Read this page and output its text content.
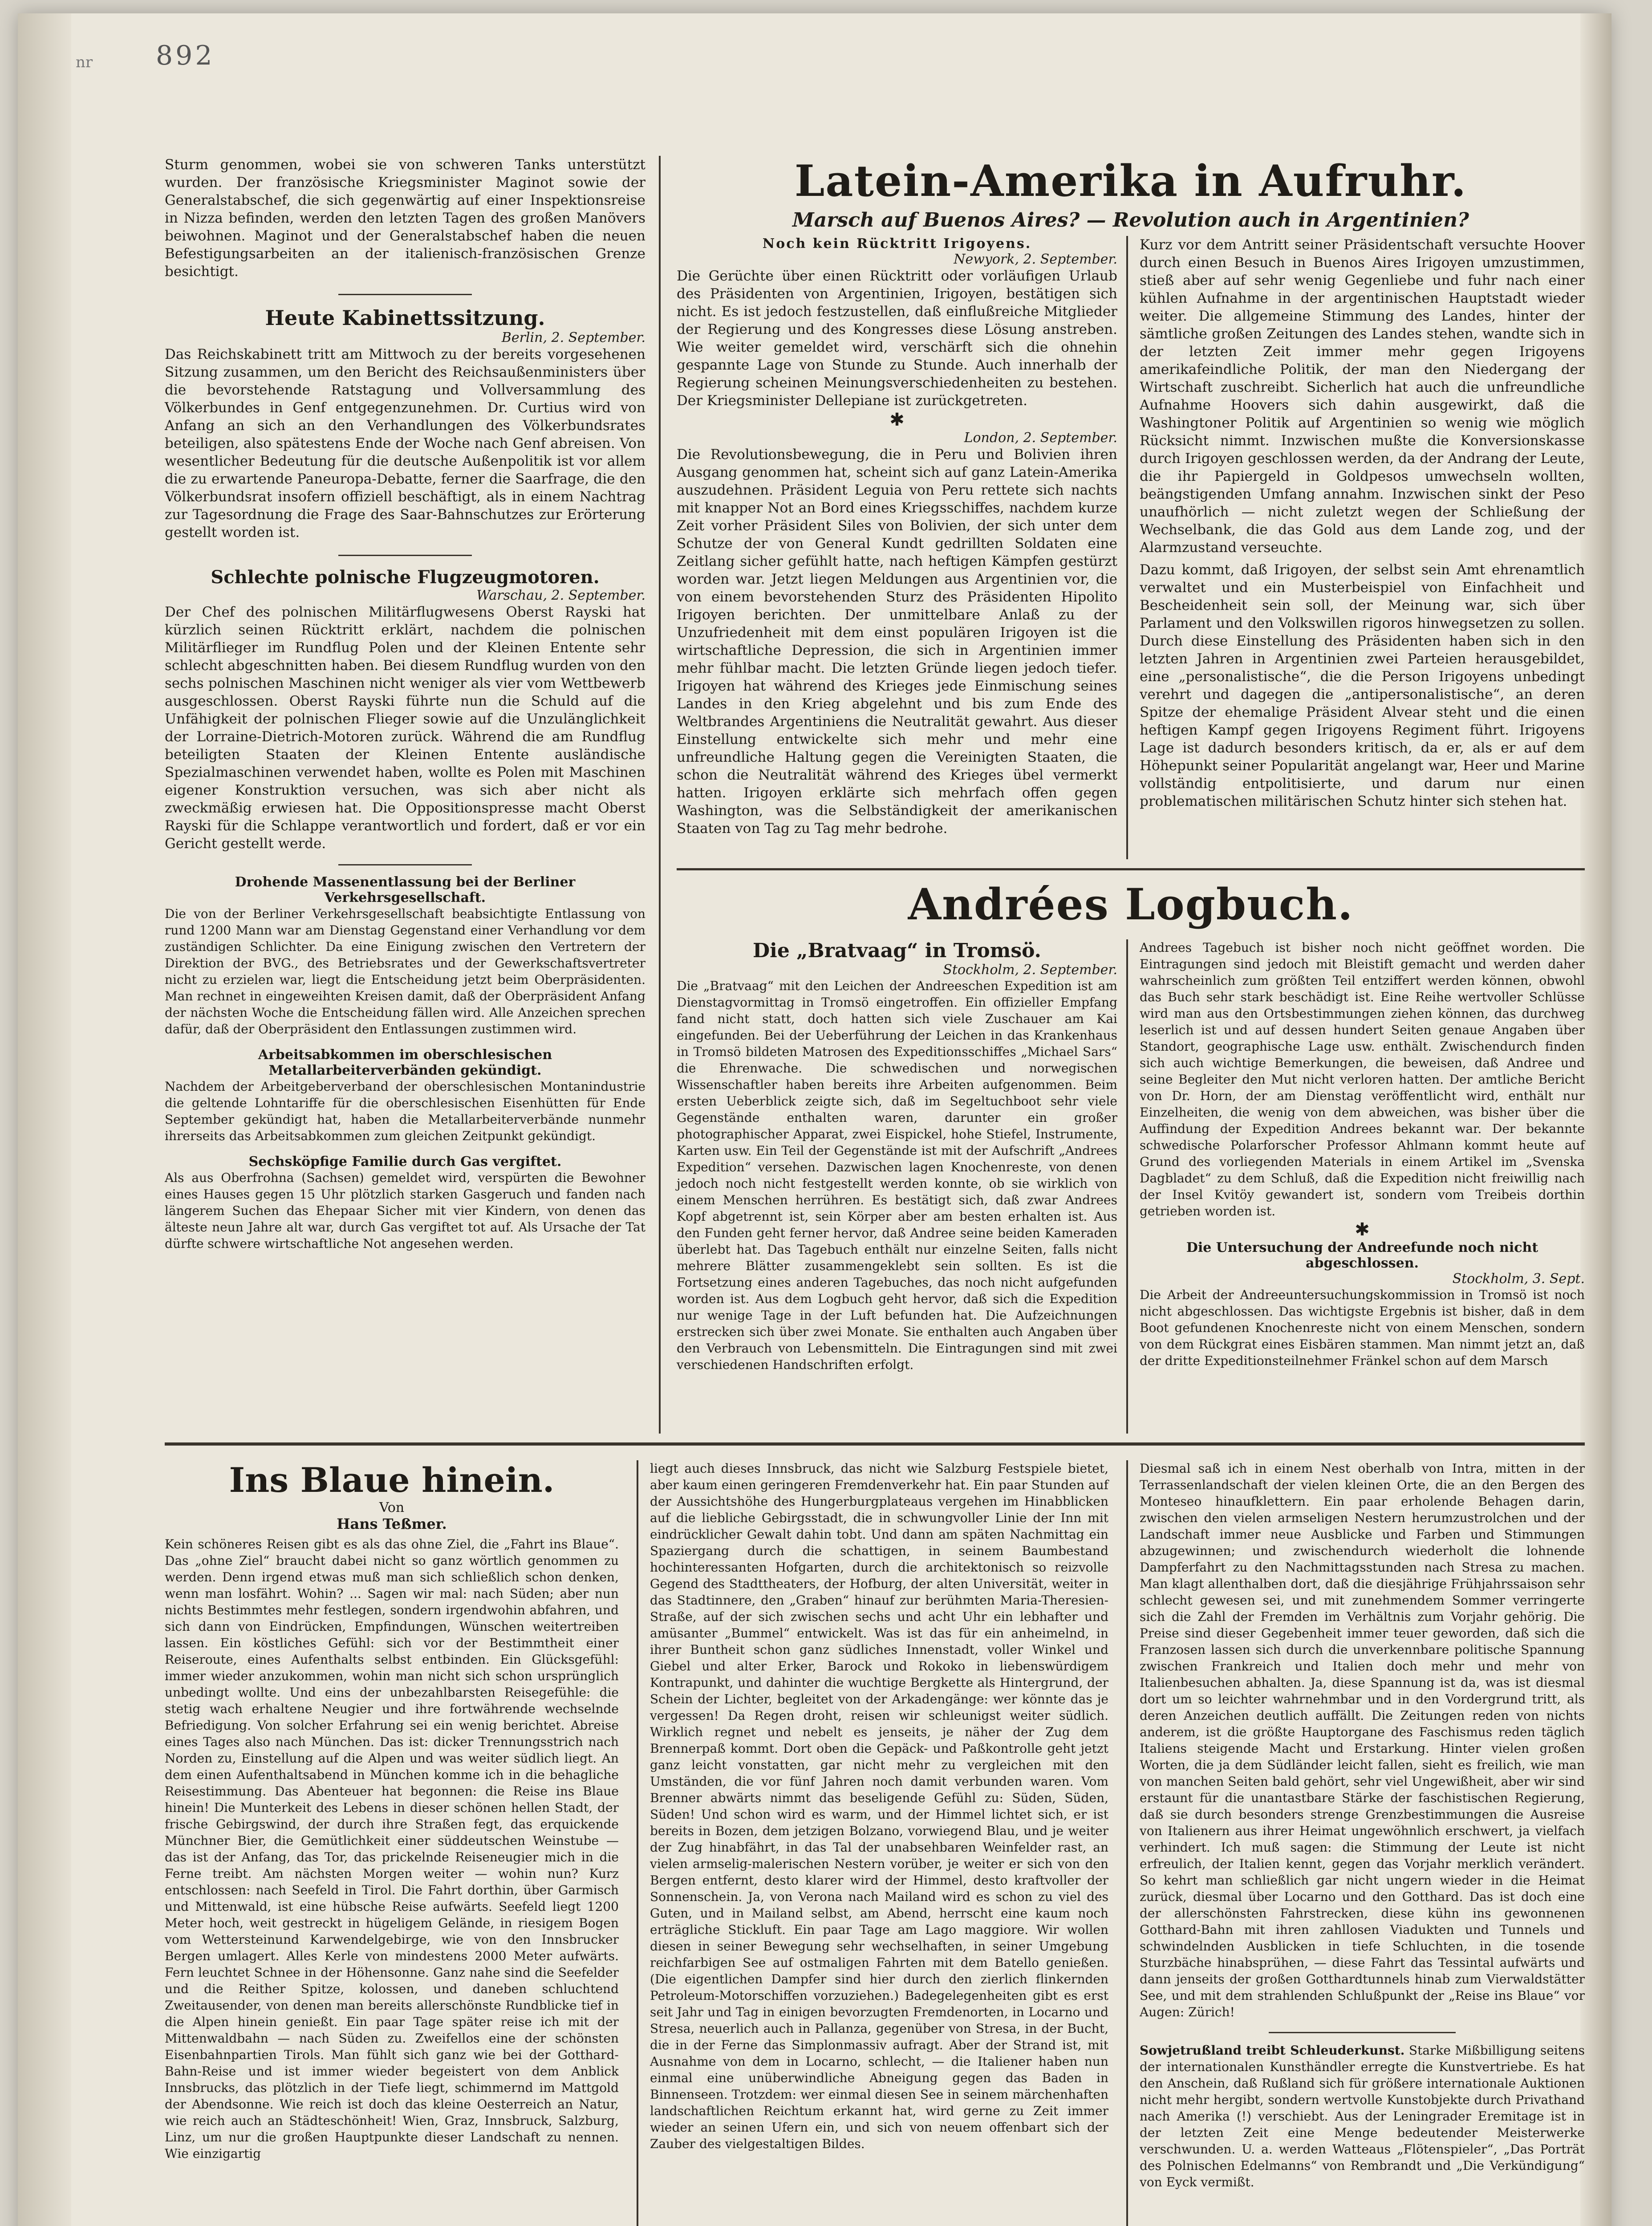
892
nr
Sturm genommen, wobei sie von schweren Tanks unterstützt wurden. Der französische Kriegsminister Maginot sowie der Generalstabschef, die sich gegenwärtig auf einer Inspektionsreise in Nizza befinden, werden den letzten Tagen des großen Manövers beiwohnen. Maginot und der Generalstabschef haben die neuen Befestigungsarbeiten an der italienisch-französischen Grenze besichtigt.
Heute Kabinettssitzung.
Berlin, 2. September.
Das Reichskabinett tritt am Mittwoch zu der bereits vorgesehenen Sitzung zusammen, um den Bericht des Reichsaußenministers über die bevorstehende Ratstagung und Vollversammlung des Völkerbundes in Genf entgegenzunehmen. Dr. Curtius wird von Anfang an sich an den Verhandlungen des Völkerbundsrates beteiligen, also spätestens Ende der Woche nach Genf abreisen. Von wesentlicher Bedeutung für die deutsche Außenpolitik ist vor allem die zu erwartende Paneuropa-Debatte, ferner die Saarfrage, die den Völkerbundsrat insofern offiziell beschäftigt, als in einem Nachtrag zur Tagesordnung die Frage des Saar-Bahnschutzes zur Erörterung gestellt worden ist.
Schlechte polnische Flugzeugmotoren.
Warschau, 2. September.
Der Chef des polnischen Militärflugwesens Oberst Rayski hat kürzlich seinen Rücktritt erklärt, nachdem die polnischen Militärflieger im Rundflug Polen und der Kleinen Entente sehr schlecht abgeschnitten haben. Bei diesem Rundflug wurden von den sechs polnischen Maschinen nicht weniger als vier vom Wettbewerb ausgeschlossen. Oberst Rayski führte nun die Schuld auf die Unfähigkeit der polnischen Flieger sowie auf die Unzulänglichkeit der Lorraine-Dietrich-Motoren zurück. Während die am Rundflug beteiligten Staaten der Kleinen Entente ausländische Spezialmaschinen verwendet haben, wollte es Polen mit Maschinen eigener Konstruktion versuchen, was sich aber nicht als zweckmäßig erwiesen hat. Die Oppositionspresse macht Oberst Rayski für die Schlappe verantwortlich und fordert, daß er vor ein Gericht gestellt werde.
Drohende Massenentlassung bei der Berliner Verkehrsgesellschaft.
Die von der Berliner Verkehrsgesellschaft beabsichtigte Entlassung von rund 1200 Mann war am Dienstag Gegenstand einer Verhandlung vor dem zuständigen Schlichter. Da eine Einigung zwischen den Vertretern der Direktion der BVG., des Betriebsrates und der Gewerkschaftsvertreter nicht zu erzielen war, liegt die Entscheidung jetzt beim Oberpräsidenten. Man rechnet in eingeweihten Kreisen damit, daß der Oberpräsident Anfang der nächsten Woche die Entscheidung fällen wird. Alle Anzeichen sprechen dafür, daß der Oberpräsident den Entlassungen zustimmen wird.
Arbeitsabkommen im oberschlesischen Metallarbeiterverbänden gekündigt.
Nachdem der Arbeitgeberverband der oberschlesischen Montanindustrie die geltende Lohntariffe für die oberschlesischen Eisenhütten für Ende September gekündigt hat, haben die Metallarbeiterverbände nunmehr ihrerseits das Arbeitsabkommen zum gleichen Zeitpunkt gekündigt.
Sechsköpfige Familie durch Gas vergiftet.
Als aus Oberfrohna (Sachsen) gemeldet wird, verspürten die Bewohner eines Hauses gegen 15 Uhr plötzlich starken Gasgeruch und fanden nach längerem Suchen das Ehepaar Sicher mit vier Kindern, von denen das älteste neun Jahre alt war, durch Gas vergiftet tot auf. Als Ursache der Tat dürfte schwere wirtschaftliche Not angesehen werden.
Latein-Amerika in Aufruhr.
Marsch auf Buenos Aires? — Revolution auch in Argentinien?
Noch kein Rücktritt Irigoyens.
Newyork, 2. September.
Die Gerüchte über einen Rücktritt oder vorläufigen Urlaub des Präsidenten von Argentinien, Irigoyen, bestätigen sich nicht. Es ist jedoch festzustellen, daß einflußreiche Mitglieder der Regierung und des Kongresses diese Lösung anstreben. Wie weiter gemeldet wird, verschärft sich die ohnehin gespannte Lage von Stunde zu Stunde. Auch innerhalb der Regierung scheinen Meinungsverschiedenheiten zu bestehen. Der Kriegsminister Dellepiane ist zurückgetreten.
✱
London, 2. September.
Die Revolutionsbewegung, die in Peru und Bolivien ihren Ausgang genommen hat, scheint sich auf ganz Latein-Amerika auszudehnen. Präsident Leguia von Peru rettete sich nachts mit knapper Not an Bord eines Kriegsschiffes, nachdem kurze Zeit vorher Präsident Siles von Bolivien, der sich unter dem Schutze der von General Kundt gedrillten Soldaten eine Zeitlang sicher gefühlt hatte, nach heftigen Kämpfen gestürzt worden war. Jetzt liegen Meldungen aus Argentinien vor, die von einem bevorstehenden Sturz des Präsidenten Hipolito Irigoyen berichten. Der unmittelbare Anlaß zu der Unzufriedenheit mit dem einst populären Irigoyen ist die wirtschaftliche Depression, die sich in Argentinien immer mehr fühlbar macht. Die letzten Gründe liegen jedoch tiefer. Irigoyen hat während des Krieges jede Einmischung seines Landes in den Krieg abgelehnt und bis zum Ende des Weltbrandes Argentiniens die Neutralität gewahrt. Aus dieser Einstellung entwickelte sich mehr und mehr eine unfreundliche Haltung gegen die Vereinigten Staaten, die schon die Neutralität während des Krieges übel vermerkt hatten. Irigoyen erklärte sich mehrfach offen gegen Washington, was die Selbständigkeit der amerikanischen Staaten von Tag zu Tag mehr bedrohe.
Kurz vor dem Antritt seiner Präsidentschaft versuchte Hoover durch einen Besuch in Buenos Aires Irigoyen umzustimmen, stieß aber auf sehr wenig Gegenliebe und fuhr nach einer kühlen Aufnahme in der argentinischen Hauptstadt wieder weiter. Die allgemeine Stimmung des Landes, hinter der sämtliche großen Zeitungen des Landes stehen, wandte sich in der letzten Zeit immer mehr gegen Irigoyens amerikafeindliche Politik, der man den Niedergang der Wirtschaft zuschreibt. Sicherlich hat auch die unfreundliche Aufnahme Hoovers sich dahin ausgewirkt, daß die Washingtoner Politik auf Argentinien so wenig wie möglich Rücksicht nimmt. Inzwischen mußte die Konversionskasse durch Irigoyen geschlossen werden, da der Andrang der Leute, die ihr Papiergeld in Goldpesos umwechseln wollten, beängstigenden Umfang annahm. Inzwischen sinkt der Peso unaufhörlich — nicht zuletzt wegen der Schließung der Wechselbank, die das Gold aus dem Lande zog, und der Alarmzustand verseuchte.
Dazu kommt, daß Irigoyen, der selbst sein Amt ehrenamtlich verwaltet und ein Musterbeispiel von Einfachheit und Bescheidenheit sein soll, der Meinung war, sich über Parlament und den Volkswillen rigoros hinwegsetzen zu sollen. Durch diese Einstellung des Präsidenten haben sich in den letzten Jahren in Argentinien zwei Parteien herausgebildet, eine „personalistische“, die die Person Irigoyens unbedingt verehrt und dagegen die „antipersonalistische“, an deren Spitze der ehemalige Präsident Alvear steht und die einen heftigen Kampf gegen Irigoyens Regiment führt. Irigoyens Lage ist dadurch besonders kritisch, da er, als er auf dem Höhepunkt seiner Popularität angelangt war, Heer und Marine vollständig entpolitisierte, und darum nur einen problematischen militärischen Schutz hinter sich stehen hat.
Andrées Logbuch.
Die „Bratvaag“ in Tromsö.
Stockholm, 2. September.
Die „Bratvaag“ mit den Leichen der Andreeschen Expedition ist am Dienstagvormittag in Tromsö eingetroffen. Ein offizieller Empfang fand nicht statt, doch hatten sich viele Zuschauer am Kai eingefunden. Bei der Ueberführung der Leichen in das Krankenhaus in Tromsö bildeten Matrosen des Expeditionsschiffes „Michael Sars“ die Ehrenwache. Die schwedischen und norwegischen Wissenschaftler haben bereits ihre Arbeiten aufgenommen. Beim ersten Ueberblick zeigte sich, daß im Segeltuchboot sehr viele Gegenstände enthalten waren, darunter ein großer photographischer Apparat, zwei Eispickel, hohe Stiefel, Instrumente, Karten usw. Ein Teil der Gegenstände ist mit der Aufschrift „Andrees Expedition“ versehen. Dazwischen lagen Knochenreste, von denen jedoch noch nicht festgestellt werden konnte, ob sie wirklich von einem Menschen herrühren. Es bestätigt sich, daß zwar Andrees Kopf abgetrennt ist, sein Körper aber am besten erhalten ist. Aus den Funden geht ferner hervor, daß Andree seine beiden Kameraden überlebt hat. Das Tagebuch enthält nur einzelne Seiten, falls nicht mehrere Blätter zusammengeklebt sein sollten. Es ist die Fortsetzung eines anderen Tagebuches, das noch nicht aufgefunden worden ist. Aus dem Logbuch geht hervor, daß sich die Expedition nur wenige Tage in der Luft befunden hat. Die Aufzeichnungen erstrecken sich über zwei Monate. Sie enthalten auch Angaben über den Verbrauch von Lebensmitteln. Die Eintragungen sind mit zwei verschiedenen Handschriften erfolgt.
Andrees Tagebuch ist bisher noch nicht geöffnet worden. Die Eintragungen sind jedoch mit Bleistift gemacht und werden daher wahrscheinlich zum größten Teil entziffert werden können, obwohl das Buch sehr stark beschädigt ist. Eine Reihe wertvoller Schlüsse wird man aus den Ortsbestimmungen ziehen können, das durchweg leserlich ist und auf dessen hundert Seiten genaue Angaben über Standort, geographische Lage usw. enthält. Zwischendurch finden sich auch wichtige Bemerkungen, die beweisen, daß Andree und seine Begleiter den Mut nicht verloren hatten. Der amtliche Bericht von Dr. Horn, der am Dienstag veröffentlicht wird, enthält nur Einzelheiten, die wenig von dem abweichen, was bisher über die Auffindung der Expedition Andrees bekannt war. Der bekannte schwedische Polarforscher Professor Ahlmann kommt heute auf Grund des vorliegenden Materials in einem Artikel im „Svenska Dagbladet“ zu dem Schluß, daß die Expedition nicht freiwillig nach der Insel Kvitöy gewandert ist, sondern vom Treibeis dorthin getrieben worden ist.
✱
Die Untersuchung der Andreefunde noch nicht abgeschlossen.
Stockholm, 3. Sept.
Die Arbeit der Andreeuntersuchungskommission in Tromsö ist noch nicht abgeschlossen. Das wichtigste Ergebnis ist bisher, daß in dem Boot gefundenen Knochenreste nicht von einem Menschen, sondern von dem Rückgrat eines Eisbären stammen. Man nimmt jetzt an, daß der dritte Expeditionsteilnehmer Fränkel schon auf dem Marsch
Ins Blaue hinein.
Von
Hans Teßmer.
Kein schöneres Reisen gibt es als das ohne Ziel, die „Fahrt ins Blaue“. Das „ohne Ziel“ braucht dabei nicht so ganz wörtlich genommen zu werden. Denn irgend etwas muß man sich schließlich schon denken, wenn man losfährt. Wohin? ... Sagen wir mal: nach Süden; aber nun nichts Bestimmtes mehr festlegen, sondern irgendwohin abfahren, und sich dann von Eindrücken, Empfindungen, Wünschen weitertreiben lassen. Ein köstliches Gefühl: sich vor der Bestimmtheit einer Reiseroute, eines Aufenthalts selbst entbinden. Ein Glücksgefühl: immer wieder anzukommen, wohin man nicht sich schon ursprünglich unbedingt wollte. Und eins der unbezahlbarsten Reisegefühle: die stetig wach erhaltene Neugier und ihre fortwährende wechselnde Befriedigung. Von solcher Erfahrung sei ein wenig berichtet. Abreise eines Tages also nach München. Das ist: dicker Trennungsstrich nach Norden zu, Einstellung auf die Alpen und was weiter südlich liegt. An dem einen Aufenthaltsabend in München komme ich in die behagliche Reisestimmung. Das Abenteuer hat begonnen: die Reise ins Blaue hinein! Die Munterkeit des Lebens in dieser schönen hellen Stadt, der frische Gebirgswind, der durch ihre Straßen fegt, das erquickende Münchner Bier, die Gemütlichkeit einer süddeutschen Weinstube — das ist der Anfang, das Tor, das prickelnde Reiseneugier mich in die Ferne treibt. Am nächsten Morgen weiter — wohin nun? Kurz entschlossen: nach Seefeld in Tirol. Die Fahrt dorthin, über Garmisch und Mittenwald, ist eine hübsche Reise aufwärts. Seefeld liegt 1200 Meter hoch, weit gestreckt in hügeligem Gelände, in riesigem Bogen vom Wettersteinund Karwendelgebirge, wie von den Innsbrucker Bergen umlagert. Alles Kerle von mindestens 2000 Meter aufwärts. Fern leuchtet Schnee in der Höhensonne. Ganz nahe sind die Seefelder und die Reither Spitze, kolossen, und daneben schluchtend Zweitausender, von denen man bereits allerschönste Rundblicke tief in die Alpen hinein genießt. Ein paar Tage später reise ich mit der Mittenwaldbahn — nach Süden zu. Zweifellos eine der schönsten Eisenbahnpartien Tirols. Man fühlt sich ganz wie bei der Gotthard-Bahn-Reise und ist immer wieder begeistert von dem Anblick Innsbrucks, das plötzlich in der Tiefe liegt, schimmernd im Mattgold der Abendsonne. Wie reich ist doch das kleine Oesterreich an Natur, wie reich auch an Städteschönheit! Wien, Graz, Innsbruck, Salzburg, Linz, um nur die großen Hauptpunkte dieser Landschaft zu nennen. Wie einzigartig
liegt auch dieses Innsbruck, das nicht wie Salzburg Festspiele bietet, aber kaum einen geringeren Fremdenverkehr hat. Ein paar Stunden auf der Aussichtshöhe des Hungerburgplateaus vergehen im Hinabblicken auf die liebliche Gebirgsstadt, die in schwungvoller Linie der Inn mit eindrücklicher Gewalt dahin tobt. Und dann am späten Nachmittag ein Spaziergang durch die schattigen, in seinem Baumbestand hochinteressanten Hofgarten, durch die architektonisch so reizvolle Gegend des Stadttheaters, der Hofburg, der alten Universität, weiter in das Stadtinnere, den „Graben“ hinauf zur berühmten Maria-Theresien-Straße, auf der sich zwischen sechs und acht Uhr ein lebhafter und amüsanter „Bummel“ entwickelt. Was ist das für ein anheimelnd, in ihrer Buntheit schon ganz südliches Innenstadt, voller Winkel und Giebel und alter Erker, Barock und Rokoko in liebenswürdigem Kontrapunkt, und dahinter die wuchtige Bergkette als Hintergrund, der Schein der Lichter, begleitet von der Arkadengänge: wer könnte das je vergessen! Da Regen droht, reisen wir schleunigst weiter südlich. Wirklich regnet und nebelt es jenseits, je näher der Zug dem Brennerpaß kommt. Dort oben die Gepäck- und Paßkontrolle geht jetzt ganz leicht vonstatten, gar nicht mehr zu vergleichen mit den Umständen, die vor fünf Jahren noch damit verbunden waren. Vom Brenner abwärts nimmt das beseligende Gefühl zu: Süden, Süden, Süden! Und schon wird es warm, und der Himmel lichtet sich, er ist bereits in Bozen, dem jetzigen Bolzano, vorwiegend Blau, und je weiter der Zug hinabfährt, in das Tal der unabsehbaren Weinfelder rast, an vielen armselig-malerischen Nestern vorüber, je weiter er sich von den Bergen entfernt, desto klarer wird der Himmel, desto kraftvoller der Sonnenschein. Ja, von Verona nach Mailand wird es schon zu viel des Guten, und in Mailand selbst, am Abend, herrscht eine kaum noch erträgliche Stickluft. Ein paar Tage am Lago maggiore. Wir wollen diesen in seiner Bewegung sehr wechselhaften, in seiner Umgebung reichfarbigen See auf ostmaligen Fahrten mit dem Batello genießen. (Die eigentlichen Dampfer sind hier durch den zierlich flinkernden Petroleum-Motorschiffen vorzuziehen.) Badegelegenheiten gibt es erst seit Jahr und Tag in einigen bevorzugten Fremdenorten, in Locarno und Stresa, neuerlich auch in Pallanza, gegenüber von Stresa, in der Bucht, die in der Ferne das Simplonmassiv aufragt. Aber der Strand ist, mit Ausnahme von dem in Locarno, schlecht, — die Italiener haben nun einmal eine unüberwindliche Abneigung gegen das Baden in Binnenseen. Trotzdem: wer einmal diesen See in seinem märchenhaften landschaftlichen Reichtum erkannt hat, wird gerne zu Zeit immer wieder an seinen Ufern ein, und sich von neuem offenbart sich der Zauber des vielgestaltigen Bildes.
Diesmal saß ich in einem Nest oberhalb von Intra, mitten in der Terrassenlandschaft der vielen kleinen Orte, die an den Bergen des Monteseo hinaufklettern. Ein paar erholende Behagen darin, zwischen den vielen armseligen Nestern herumzustrolchen und der Landschaft immer neue Ausblicke und Farben und Stimmungen abzugewinnen; und zwischendurch wiederholt die lohnende Dampferfahrt zu den Nachmittagsstunden nach Stresa zu machen. Man klagt allenthalben dort, daß die diesjährige Frühjahrssaison sehr schlecht gewesen sei, und mit zunehmendem Sommer verringerte sich die Zahl der Fremden im Verhältnis zum Vorjahr gehörig. Die Preise sind dieser Gegebenheit immer teuer geworden, daß sich die Franzosen lassen sich durch die unverkennbare politische Spannung zwischen Frankreich und Italien doch mehr und mehr von Italienbesuchen abhalten. Ja, diese Spannung ist da, was ist diesmal dort um so leichter wahrnehmbar und in den Vordergrund tritt, als deren Anzeichen deutlich auffällt. Die Zeitungen reden von nichts anderem, ist die größte Hauptorgane des Faschismus reden täglich Italiens steigende Macht und Erstarkung. Hinter vielen großen Worten, die ja dem Südländer leicht fallen, sieht es freilich, wie man von manchen Seiten bald gehört, sehr viel Ungewißheit, aber wir sind erstaunt für die unantastbare Stärke der faschistischen Regierung, daß sie durch besonders strenge Grenzbestimmungen die Ausreise von Italienern aus ihrer Heimat ungewöhnlich erschwert, ja vielfach verhindert. Ich muß sagen: die Stimmung der Leute ist nicht erfreulich, der Italien kennt, gegen das Vorjahr merklich verändert. So kehrt man schließlich gar nicht ungern wieder in die Heimat zurück, diesmal über Locarno und den Gotthard. Das ist doch eine der allerschönsten Fahrstrecken, diese kühn ins gewonnenen Gotthard-Bahn mit ihren zahllosen Viadukten und Tunnels und schwindelnden Ausblicken in tiefe Schluchten, in die tosende Sturzbäche hinabsprühen, — diese Fahrt das Tessintal aufwärts und dann jenseits der großen Gotthardtunnels hinab zum Vierwaldstätter See, und mit dem strahlenden Schlußpunkt der „Reise ins Blaue“ vor Augen: Zürich!
Sowjetrußland treibt Schleuderkunst. Starke Mißbilligung seitens der internationalen Kunsthändler erregte die Kunstvertriebe. Es hat den Anschein, daß Rußland sich für größere internationale Auktionen nicht mehr hergibt, sondern wertvolle Kunstobjekte durch Privathand nach Amerika (!) verschiebt. Aus der Leningrader Eremitage ist in der letzten Zeit eine Menge bedeutender Meisterwerke verschwunden. U. a. werden Watteaus „Flötenspieler“, „Das Porträt des Polnischen Edelmanns“ von Rembrandt und „Die Verkündigung“ von Eyck vermißt.
